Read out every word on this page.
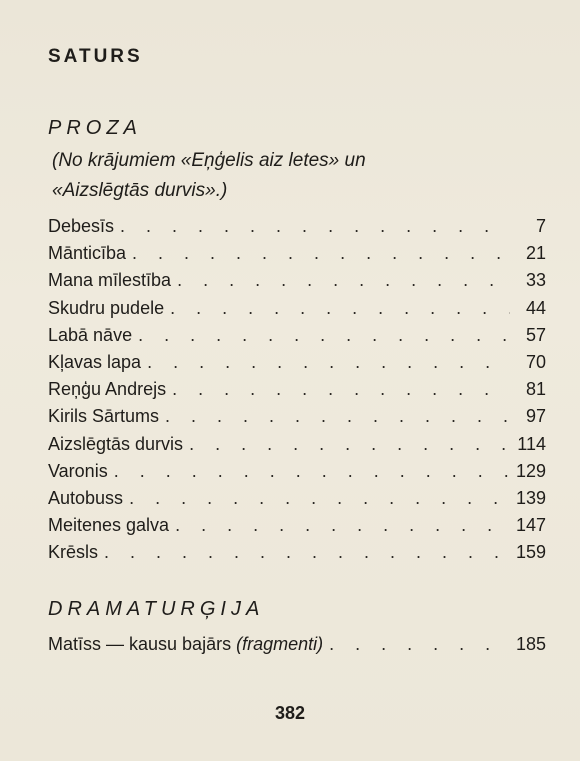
SATURS
PROZA
(No krājumiem «Eņģelis aiz letes» un
«Aizslēgtās durvis».)
Debesīs . . .	7
Mānticība . . .	21
Mana mīlestība . . .	33
Skudru pudele . . .	44
Labā nāve . . .	57
Kļavas lapa . . .	70
Reņģu Andrejs . . .	81
Kirils Sārtums . . .	97
Aizslēgtās durvis . . .	114
Varonis . . .	129
Autobuss . . .	139
Meitenes galva . . .	147
Krēsls . . .	159
DRAMATURĢIJA
Matīss — kausu bajārs (fragmenti) . . .	185
382
